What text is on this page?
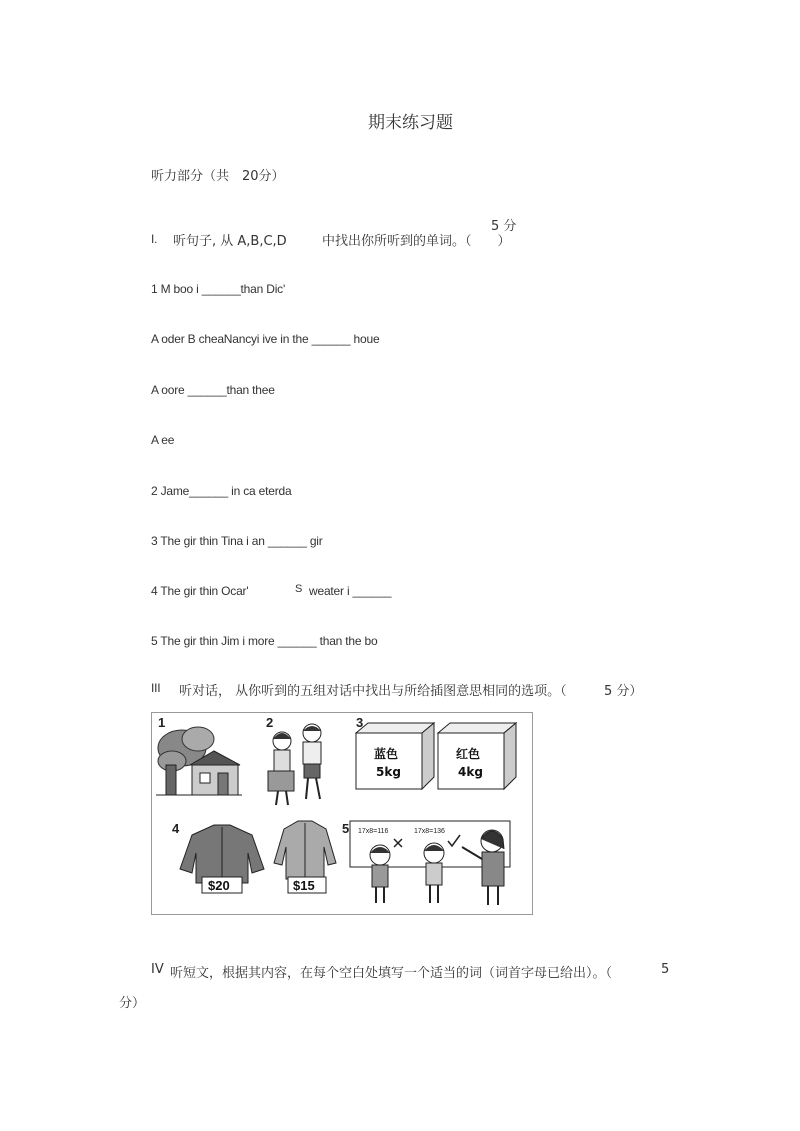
期末练习题
听力部分（共　20分）
5 分
I. 听句子, 从 A,B,C,D	中找出你所听到的单词。（　　）
1 M boo i ______than Dic'
A oder B cheaNancyi ive in the ______ houe
A oore ______than thee
A ee
2 Jame______ in ca eterda
3 The gir thin Tina i an ______ gir
4 The gir thin Ocar'	S weater i ______
5 The gir thin Jim i more ______ than the bo
III 听对话， 从你听到的五组对话中找出与所给插图意思相同的选项。（	5 分）
1	2	3
蓝色
5kg
红色
4kg
4
$20	$15
5 17x8=116	17x8=136
IV 听短文，根据其内容，在每个空白处填写一个适当的词（词首字母已给出）。（	5
分）
